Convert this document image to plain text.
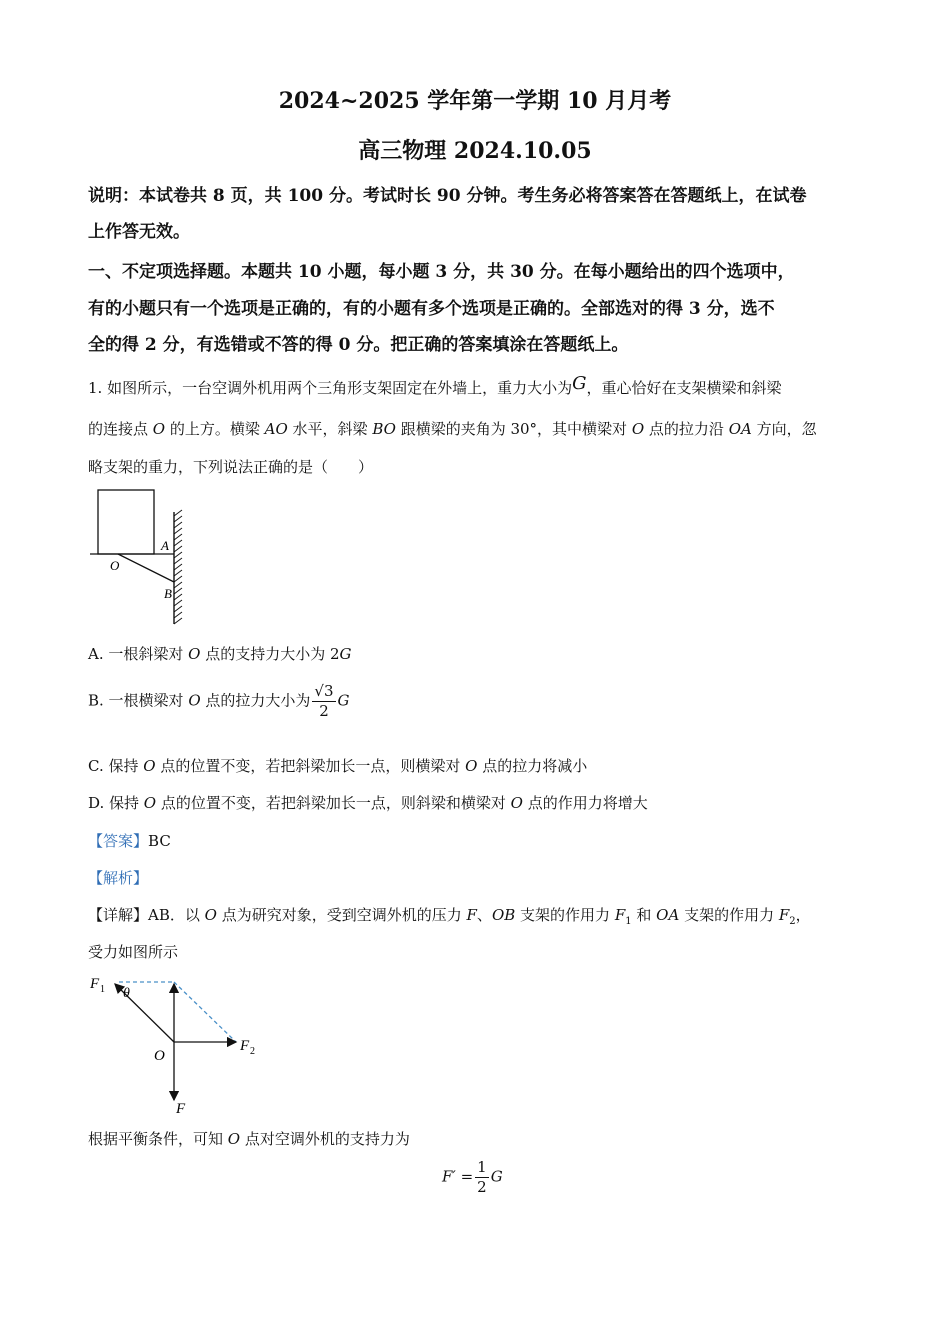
2024~2025 学年第一学期 10 月月考
高三物理 2024.10.05
说明：本试卷共 8 页，共 100 分。考试时长 90 分钟。考生务必将答案答在答题纸上，在试卷
上作答无效。
一、不定项选择题。本题共 10 小题，每小题 3 分，共 30 分。在每小题给出的四个选项中，
有的小题只有一个选项是正确的，有的小题有多个选项是正确的。全部选对的得 3 分，选不
全的得 2 分，有选错或不答的得 0 分。把正确的答案填涂在答题纸上。
1. 如图所示，一台空调外机用两个三角形支架固定在外墙上，重力大小为G，重心恰好在支架横梁和斜梁
的连接点 O 的上方。横梁 AO 水平，斜梁 BO 跟横梁的夹角为 30°，其中横梁对 O 点的拉力沿 OA 方向，忽
略支架的重力，下列说法正确的是（　　）
A
O
B
A. 一根斜梁对 O 点的支持力大小为 2G
B. 一根横梁对 O 点的拉力大小为 $\frac{√3}{2}$ G
C. 保持 O 点的位置不变，若把斜梁加长一点，则横梁对 O 点的拉力将减小
D. 保持 O 点的位置不变，若把斜梁加长一点，则斜梁和横梁对 O 点的作用力将增大
【答案】BC
【解析】
【详解】AB．以 O 点为研究对象，受到空调外机的压力 F、OB 支架的作用力 $F_1$ 和 OA 支架的作用力 $F_2$，
受力如图所示
F 1 θ
O
F 2
F
根据平衡条件，可知 O 点对空调外机的支持力为
$F' = \frac{1}{2}$ G
